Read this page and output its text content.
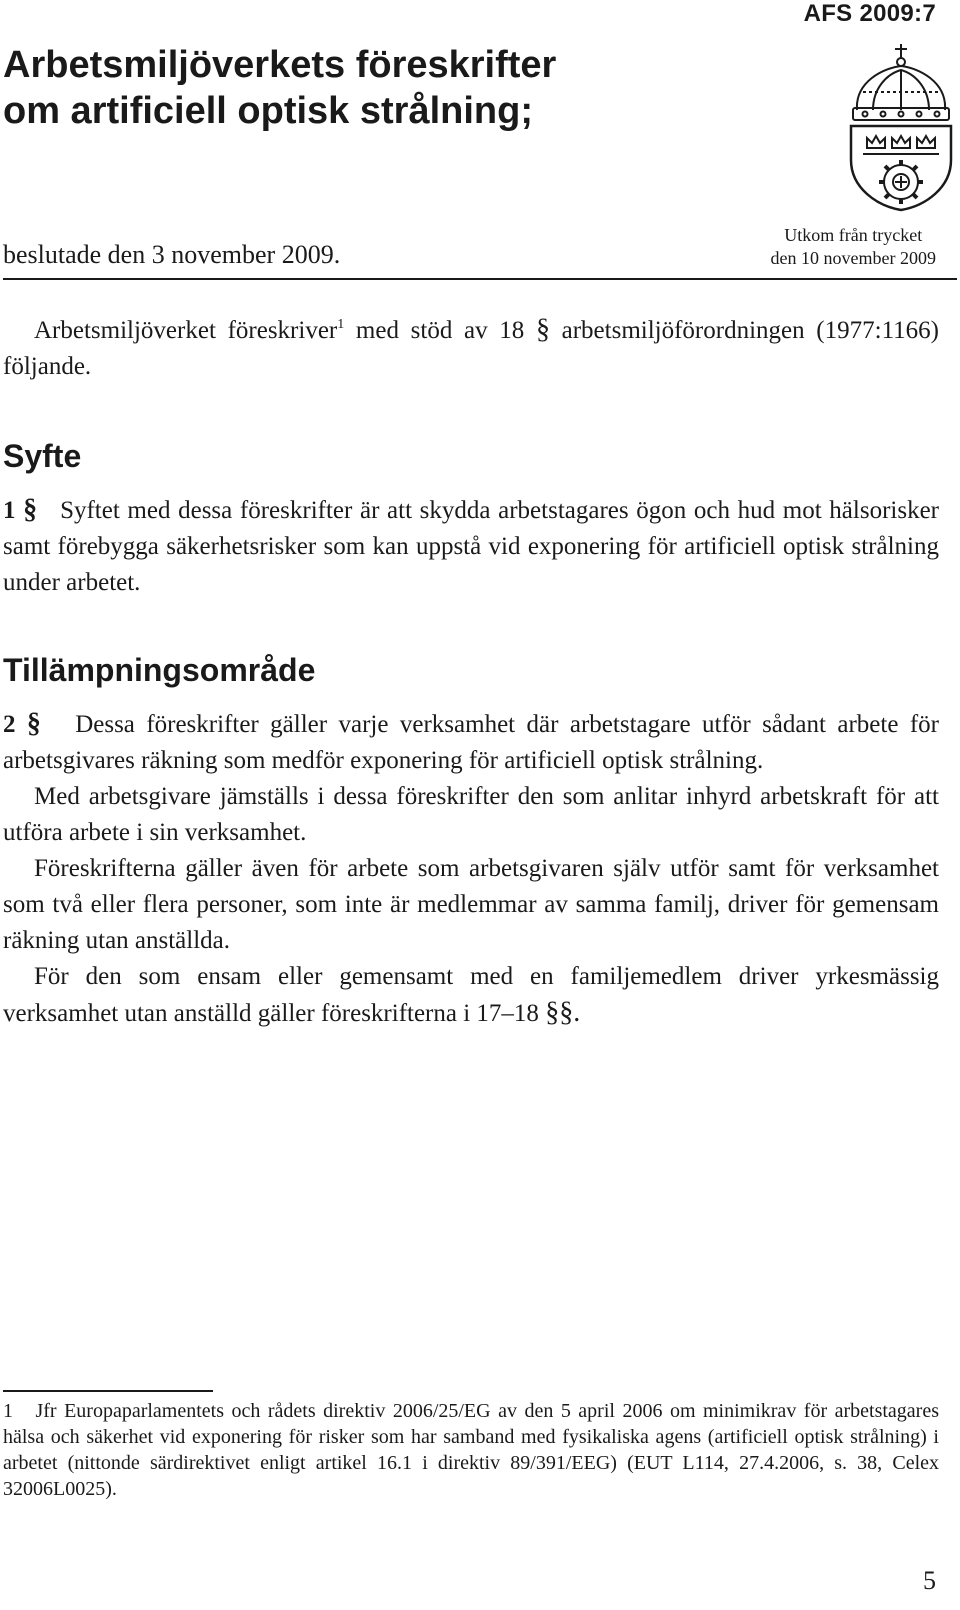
AFS 2009:7
Arbetsmiljöverkets föreskrifter
om artificiell optisk strålning;
beslutade den 3 november 2009.
Utkom från trycket
den 10 november 2009

Arbetsmiljöverket föreskriver$^1$ med stöd av 18 § arbetsmiljöförordningen (1977:1166) följande.

Syfte

1 § Syftet med dessa föreskrifter är att skydda arbetstagares ögon och hud mot hälsorisker samt förebygga säkerhetsrisker som kan uppstå vid exponering för artificiell optisk strålning under arbetet.

Tillämpningsområde

2 § Dessa föreskrifter gäller varje verksamhet där arbetstagare utför sådant arbete för arbetsgivares räkning som medför exponering för artificiell optisk strålning.

Med arbetsgivare jämställs i dessa föreskrifter den som anlitar inhyrd arbetskraft för att utföra arbete i sin verksamhet.

Föreskrifterna gäller även för arbete som arbetsgivaren själv utför samt för verksamhet som två eller flera personer, som inte är medlemmar av samma familj, driver för gemensam räkning utan anställda.

För den som ensam eller gemensamt med en familjemedlem driver yrkesmässig verksamhet utan anställd gäller föreskrifterna i 17–18 §§.

1 Jfr Europaparlamentets och rådets direktiv 2006/25/EG av den 5 april 2006 om minimikrav för arbetstagares hälsa och säkerhet vid exponering för risker som har samband med fysikaliska agens (artificiell optisk strålning) i arbetet (nittonde särdirektivet enligt artikel 16.1 i direktiv 89/391/EEG) (EUT L114, 27.4.2006, s. 38, Celex 32006L0025).

5
